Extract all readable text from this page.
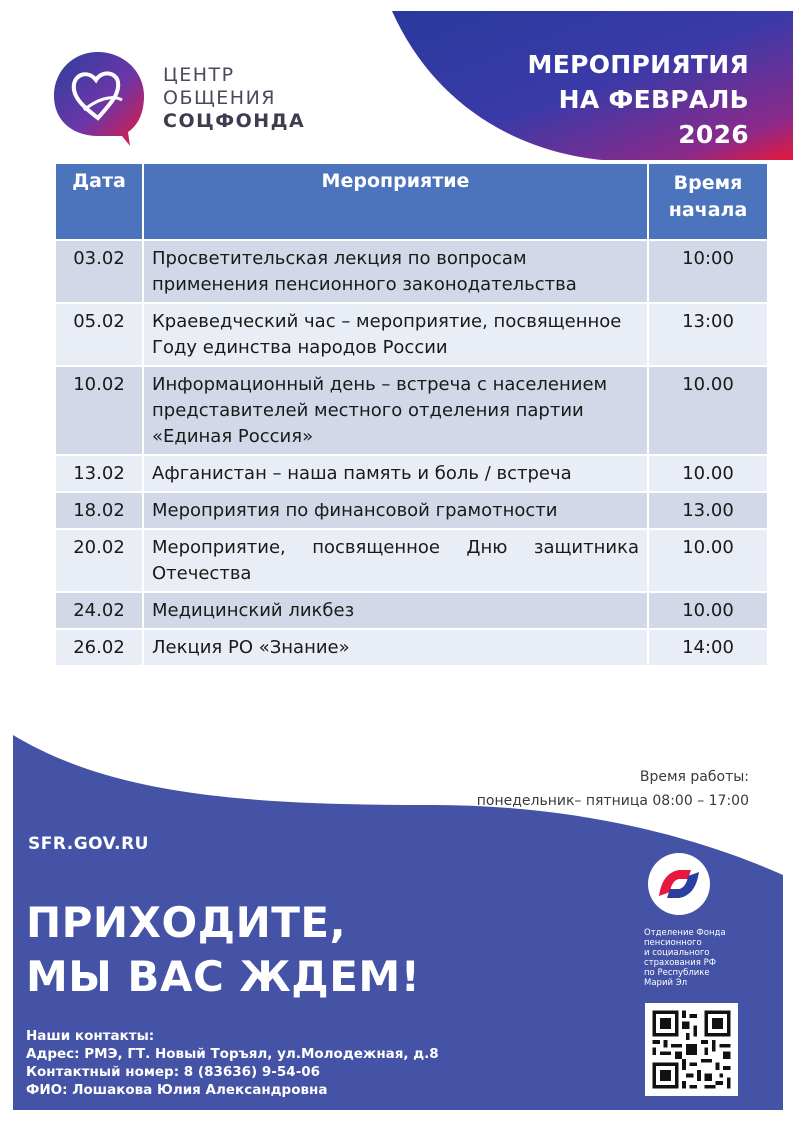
МЕРОПРИЯТИЯ
НА ФЕВРАЛЬ
2026
ЦЕНТР
ОБЩЕНИЯ
СОЦФОНДА
Дата	Мероприятие	Время
начала

03.02	Просветительская лекция по вопросам применения пенсионного законодательства	10:00
05.02	Краеведческий час – мероприятие, посвященное Году единства народов России	13:00
10.02	Информационный день – встреча с населением представителей местного отделения партии «Единая Россия»	10.00
13.02	Афганистан – наша память и боль / встреча	10.00
18.02	Мероприятия по финансовой грамотности	13.00
20.02	Мероприятие, посвященное Дню защитника Отечества	10.00
24.02	Медицинский ликбез	10.00
26.02	Лекция РО «Знание»	14:00
Время работы:
понедельник– пятница 08:00 – 17:00
SFR.GOV.RU
ПРИХОДИТЕ,
МЫ ВАС ЖДЕМ!
Наши контакты:
Адрес: РМЭ, ГТ. Новый Торъял, ул.Молодежная, д.8
Контактный номер: 8 (83636) 9-54-06
ФИО: Лошакова Юлия Александровна
Отделение Фонда
пенсионного
и социального
страхования РФ
по Республике
Марий Эл
